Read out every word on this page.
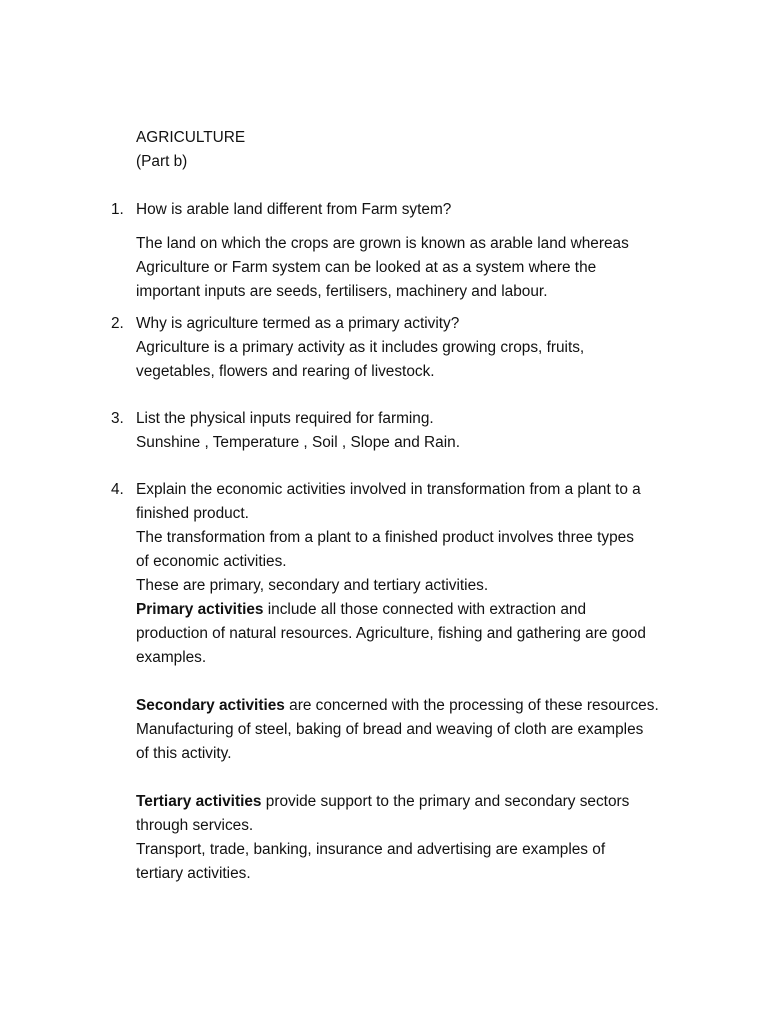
AGRICULTURE
(Part b)
1. How is arable land different from Farm sytem?
The land on which the crops are grown is known as arable land whereas
Agriculture or Farm system can be looked at as a system where the
important inputs are seeds, fertilisers, machinery and labour.
2. Why is agriculture termed as a primary activity?
Agriculture is a primary activity as it includes growing crops, fruits,
vegetables, flowers and rearing of livestock.
3. List the physical inputs required for farming.
Sunshine , Temperature , Soil , Slope and Rain.
4. Explain the economic activities involved in transformation from a plant to a
finished product.
The transformation from a plant to a finished product involves three types
of economic activities.
These are primary, secondary and tertiary activities.
Primary activities include all those connected with extraction and
production of natural resources. Agriculture, fishing and gathering are good
examples.
Secondary activities are concerned with the processing of these resources.
Manufacturing of steel, baking of bread and weaving of cloth are examples
of this activity.
Tertiary activities provide support to the primary and secondary sectors
through services.
Transport, trade, banking, insurance and advertising are examples of
tertiary activities.
